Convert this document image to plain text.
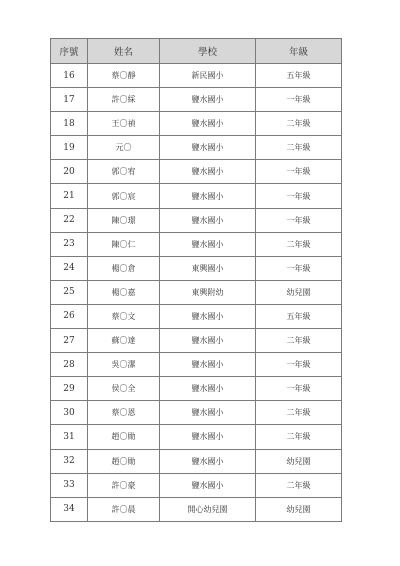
序號	姓名	學校	年級
16	蔡〇靜	新民國小	五年級
17	許〇綵	鹽水國小	一年級
18	王〇禎	鹽水國小	二年級
19	元〇	鹽水國小	二年級
20	郭〇宥	鹽水國小	一年級
21	郭〇宸	鹽水國小	一年級
22	陳〇璟	鹽水國小	一年級
23	陳〇仁	鹽水國小	二年級
24	楊〇倉	東興國小	一年級
25	楊〇嘉	東興附幼	幼兒園
26	蔡〇文	鹽水國小	五年級
27	蘇〇達	鹽水國小	二年級
28	吳〇潔	鹽水國小	一年級
29	侯〇全	鹽水國小	一年級
30	蔡〇恩	鹽水國小	二年級
31	趙〇勛	鹽水國小	二年級
32	趙〇勛	鹽水國小	幼兒園
33	許〇豪	鹽水國小	二年級
34	許〇晨	開心幼兒園	幼兒園
